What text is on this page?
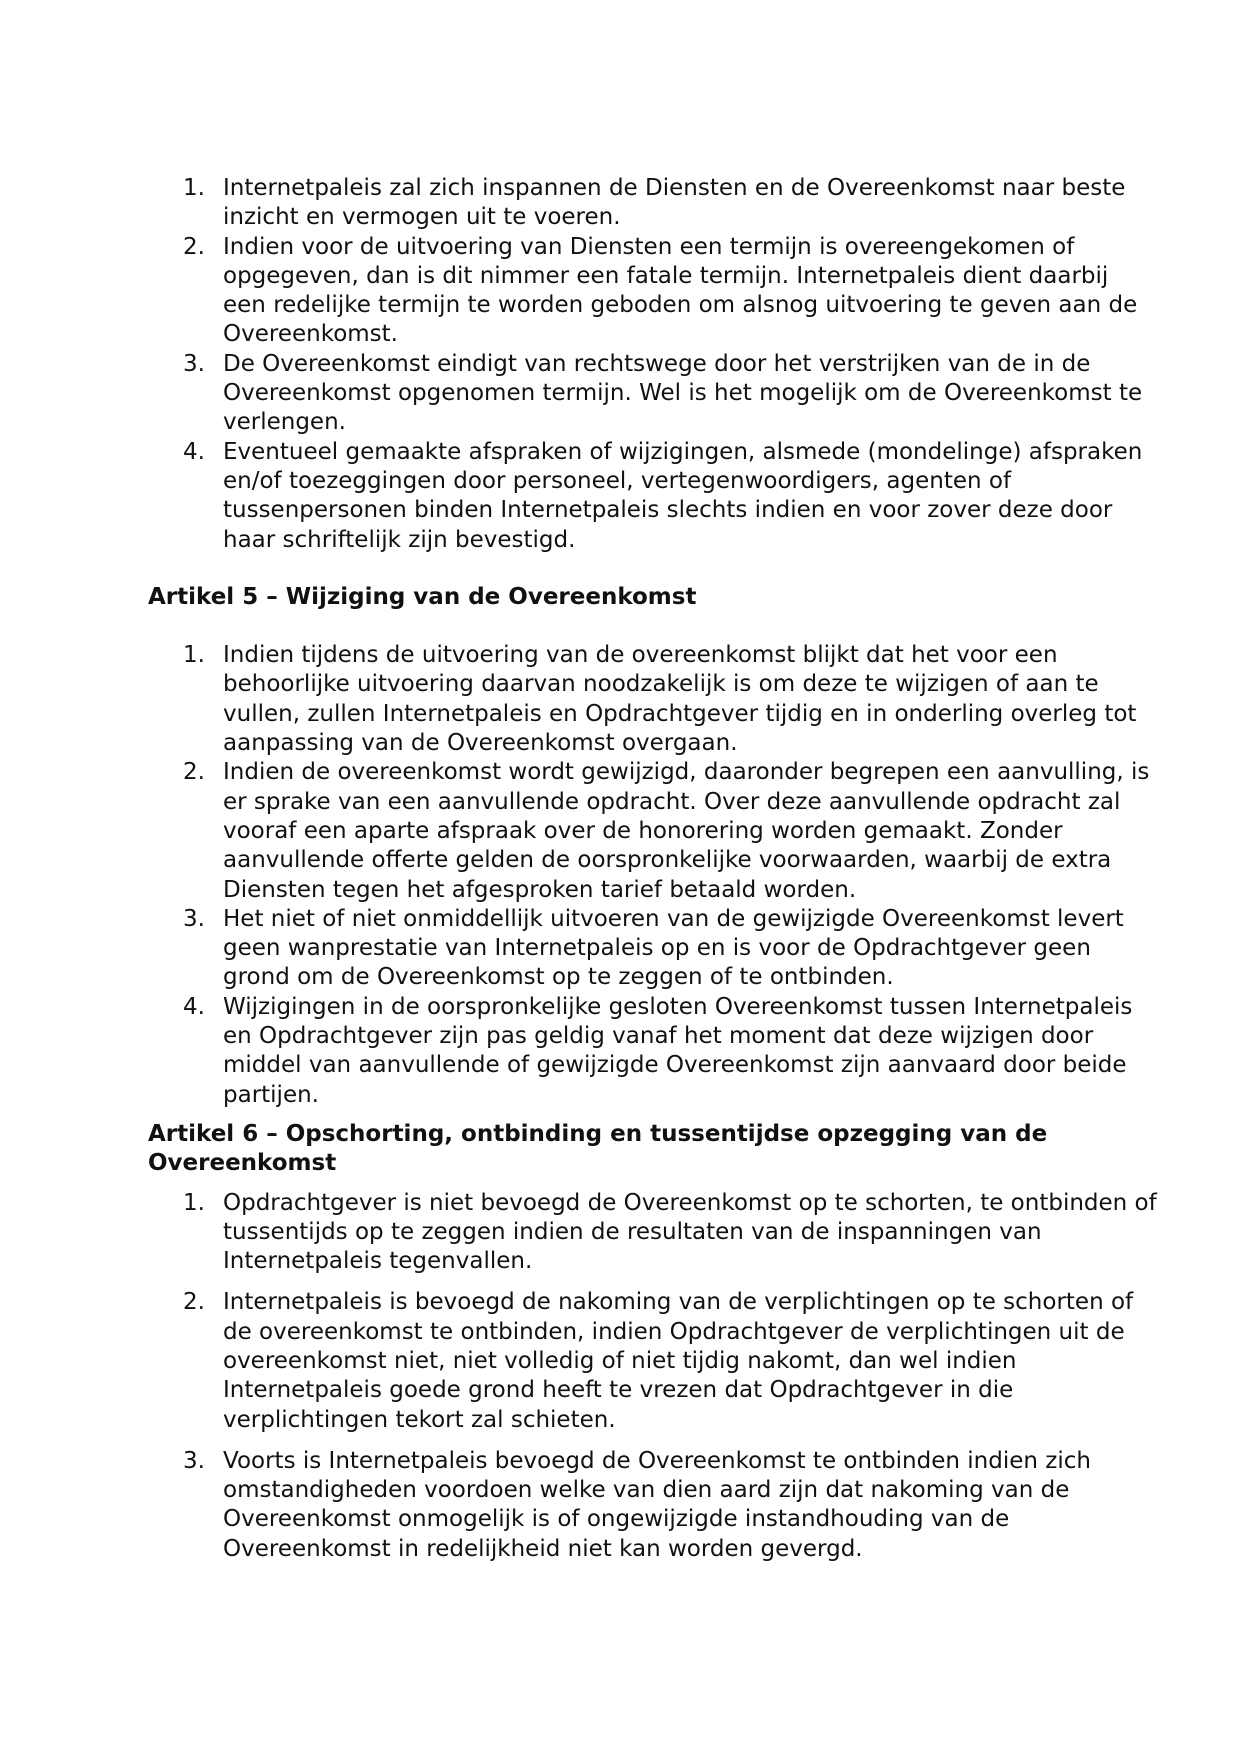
1. Internetpaleis zal zich inspannen de Diensten en de Overeenkomst naar beste inzicht en vermogen uit te voeren.
2. Indien voor de uitvoering van Diensten een termijn is overeengekomen of opgegeven, dan is dit nimmer een fatale termijn. Internetpaleis dient daarbij een redelijke termijn te worden geboden om alsnog uitvoering te geven aan de Overeenkomst.
3. De Overeenkomst eindigt van rechtswege door het verstrijken van de in de Overeenkomst opgenomen termijn. Wel is het mogelijk om de Overeenkomst te verlengen.
4. Eventueel gemaakte afspraken of wijzigingen, alsmede (mondelinge) afspraken en/of toezeggingen door personeel, vertegenwoordigers, agenten of tussenpersonen binden Internetpaleis slechts indien en voor zover deze door haar schriftelijk zijn bevestigd.
Artikel 5 – Wijziging van de Overeenkomst
1. Indien tijdens de uitvoering van de overeenkomst blijkt dat het voor een behoorlijke uitvoering daarvan noodzakelijk is om deze te wijzigen of aan te vullen, zullen Internetpaleis en Opdrachtgever tijdig en in onderling overleg tot aanpassing van de Overeenkomst overgaan.
2. Indien de overeenkomst wordt gewijzigd, daaronder begrepen een aanvulling, is er sprake van een aanvullende opdracht. Over deze aanvullende opdracht zal vooraf een aparte afspraak over de honorering worden gemaakt. Zonder aanvullende offerte gelden de oorspronkelijke voorwaarden, waarbij de extra Diensten tegen het afgesproken tarief betaald worden.
3. Het niet of niet onmiddellijk uitvoeren van de gewijzigde Overeenkomst levert geen wanprestatie van Internetpaleis op en is voor de Opdrachtgever geen grond om de Overeenkomst op te zeggen of te ontbinden.
4. Wijzigingen in de oorspronkelijke gesloten Overeenkomst tussen Internetpaleis en Opdrachtgever zijn pas geldig vanaf het moment dat deze wijzigen door middel van aanvullende of gewijzigde Overeenkomst zijn aanvaard door beide partijen.
Artikel 6 – Opschorting, ontbinding en tussentijdse opzegging van de Overeenkomst
1. Opdrachtgever is niet bevoegd de Overeenkomst op te schorten, te ontbinden of tussentijds op te zeggen indien de resultaten van de inspanningen van Internetpaleis tegenvallen.
2. Internetpaleis is bevoegd de nakoming van de verplichtingen op te schorten of de overeenkomst te ontbinden, indien Opdrachtgever de verplichtingen uit de overeenkomst niet, niet volledig of niet tijdig nakomt, dan wel indien Internetpaleis goede grond heeft te vrezen dat Opdrachtgever in die verplichtingen tekort zal schieten.
3. Voorts is Internetpaleis bevoegd de Overeenkomst te ontbinden indien zich omstandigheden voordoen welke van dien aard zijn dat nakoming van de Overeenkomst onmogelijk is of ongewijzigde instandhouding van de Overeenkomst in redelijkheid niet kan worden gevergd.
